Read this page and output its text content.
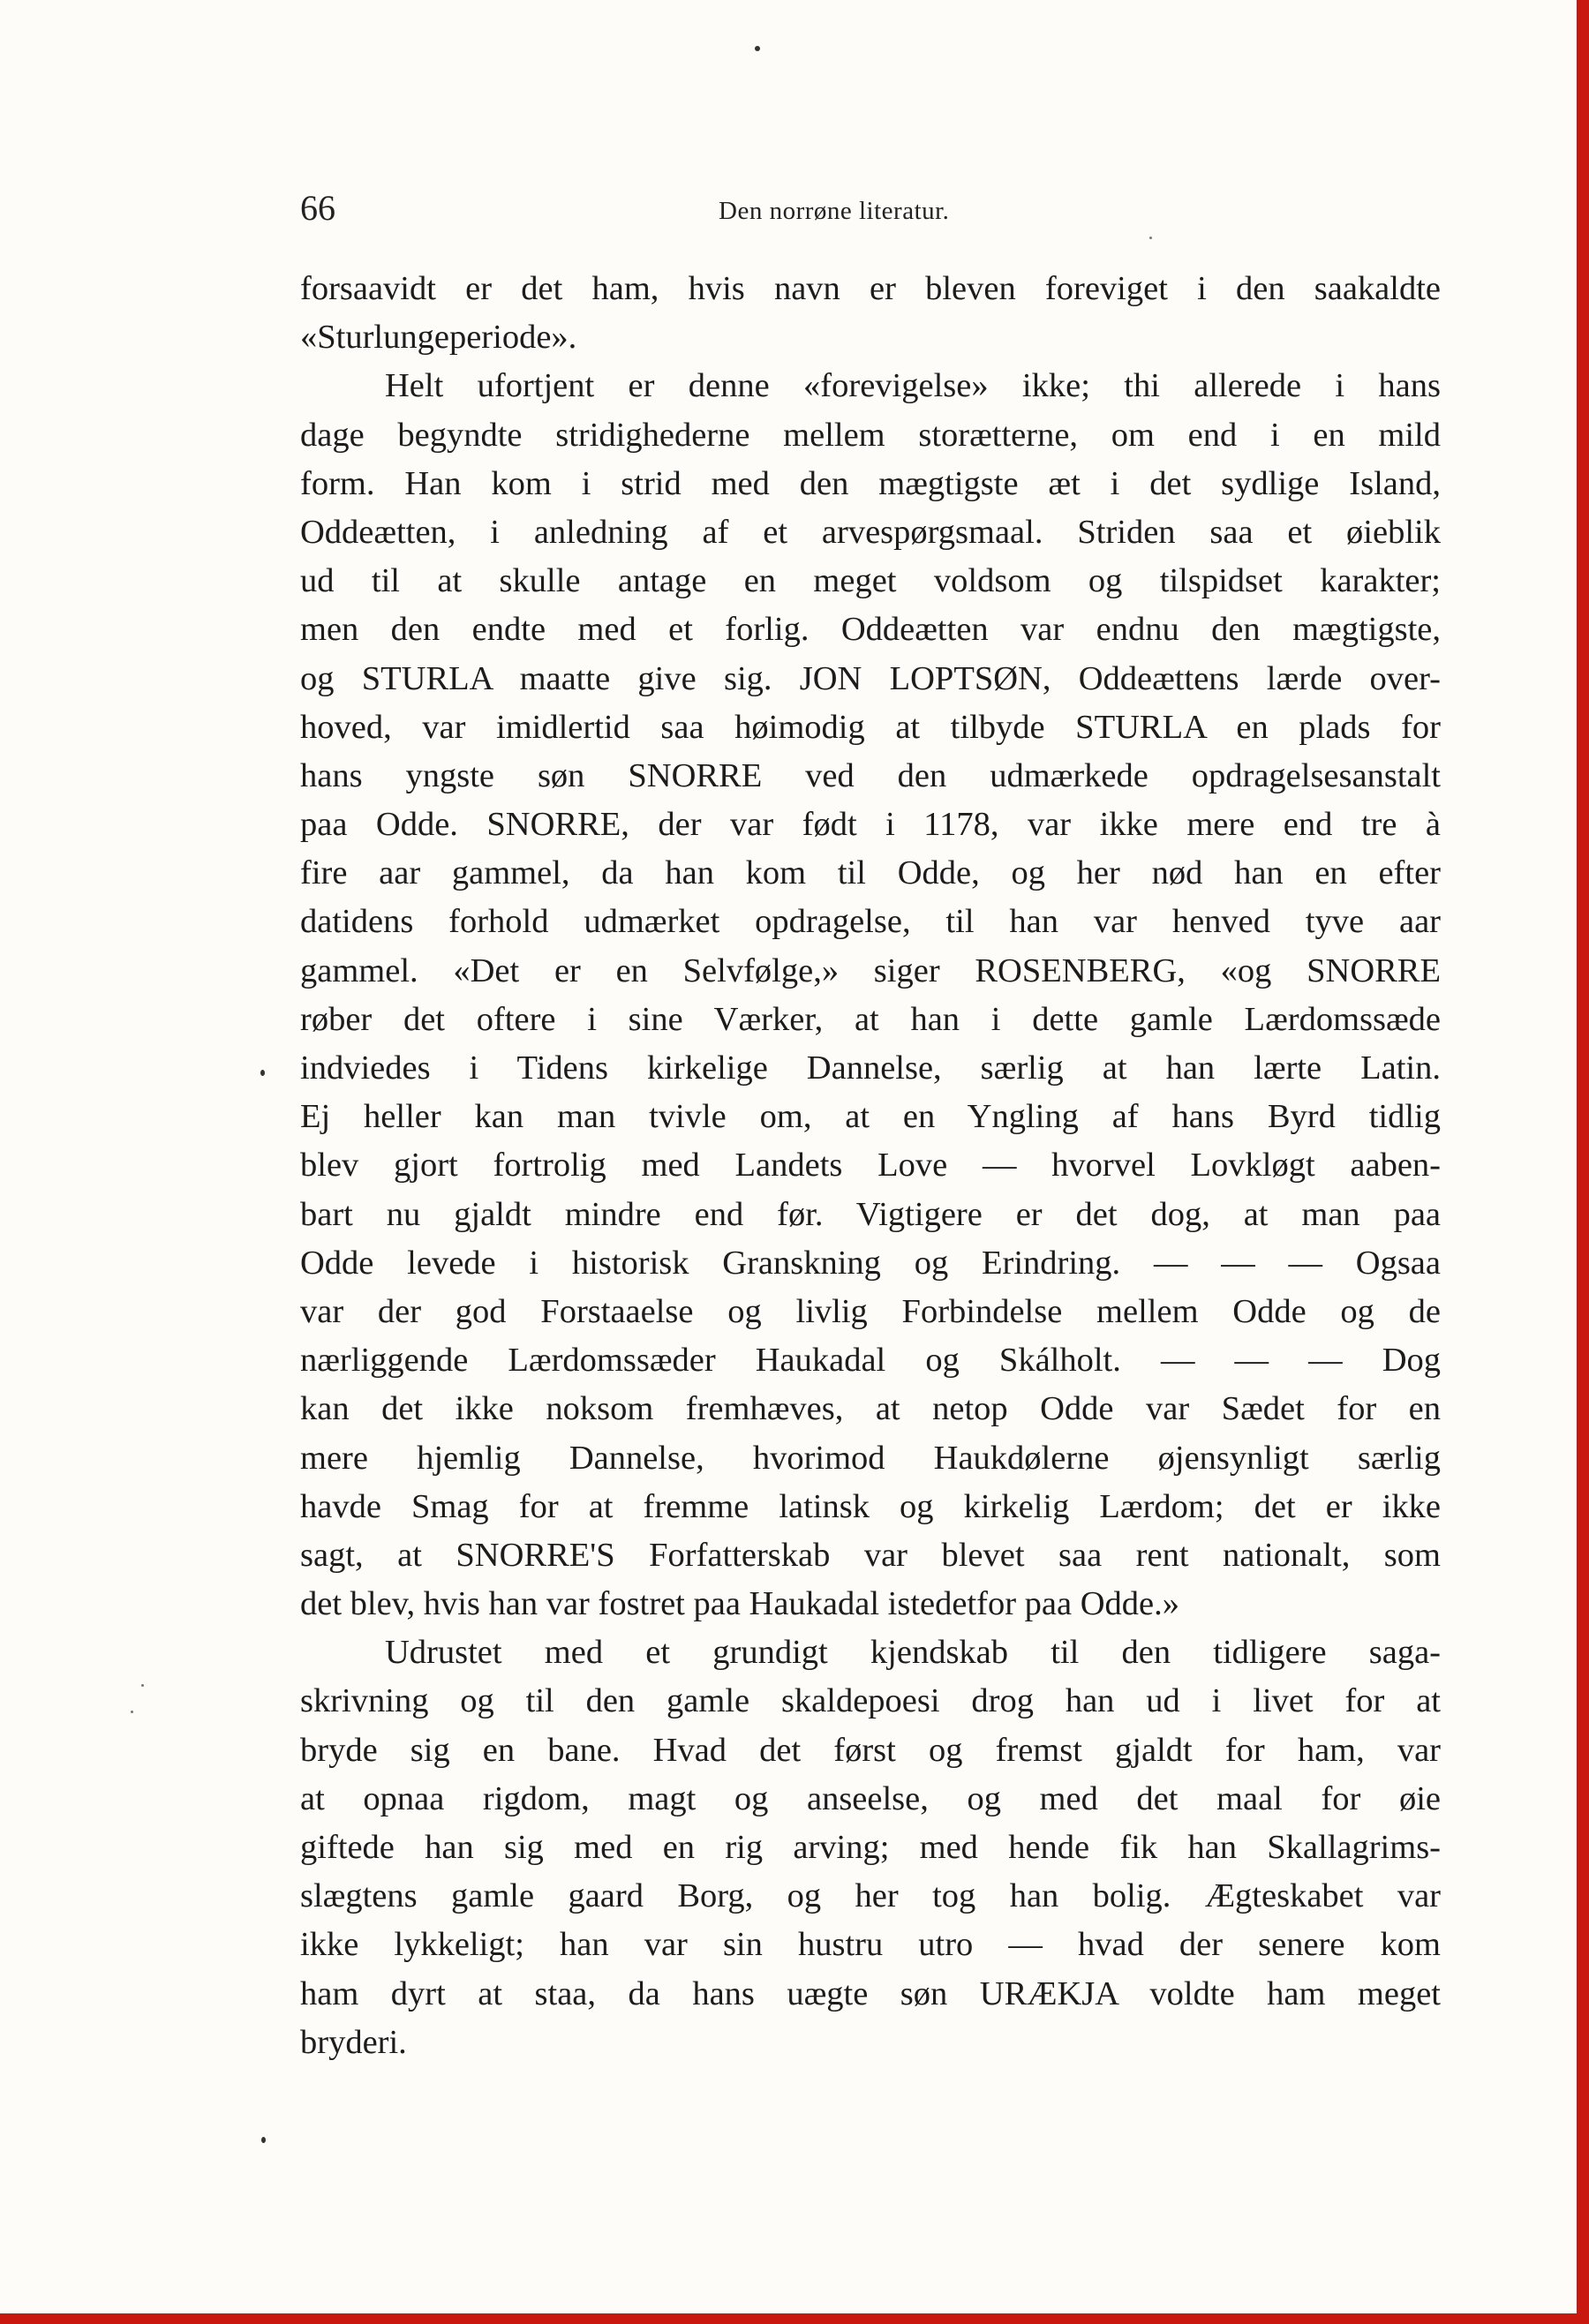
66	Den norrøne literatur.
forsaavidt er det ham, hvis navn er bleven foreviget i den saakaldte
«Sturlungeperiode».
Helt ufortjent er denne «forevigelse» ikke; thi allerede i hans
dage begyndte stridighederne mellem storætterne, om end i en mild
form. Han kom i strid med den mægtigste æt i det sydlige Island,
Oddeætten, i anledning af et arvespørgsmaal. Striden saa et øieblik
ud til at skulle antage en meget voldsom og tilspidset karakter;
men den endte med et forlig. Oddeætten var endnu den mægtigste,
og STURLA maatte give sig. JON LOPTSØN, Oddeættens lærde over-
hoved, var imidlertid saa høimodig at tilbyde STURLA en plads for
hans yngste søn SNORRE ved den udmærkede opdragelsesanstalt
paa Odde. SNORRE, der var født i 1178, var ikke mere end tre à
fire aar gammel, da han kom til Odde, og her nød han en efter
datidens forhold udmærket opdragelse, til han var henved tyve aar
gammel. «Det er en Selvfølge,» siger ROSENBERG, «og SNORRE
røber det oftere i sine Værker, at han i dette gamle Lærdomssæde
indviedes i Tidens kirkelige Dannelse, særlig at han lærte Latin.
Ej heller kan man tvivle om, at en Yngling af hans Byrd tidlig
blev gjort fortrolig med Landets Love — hvorvel Lovkløgt aaben-
bart nu gjaldt mindre end før. Vigtigere er det dog, at man paa
Odde levede i historisk Granskning og Erindring. — — — Ogsaa
var der god Forstaaelse og livlig Forbindelse mellem Odde og de
nærliggende Lærdomssæder Haukadal og Skálholt. — — — Dog
kan det ikke noksom fremhæves, at netop Odde var Sædet for en
mere hjemlig Dannelse, hvorimod Haukdølerne øjensynligt særlig
havde Smag for at fremme latinsk og kirkelig Lærdom; det er ikke
sagt, at SNORRE'S Forfatterskab var blevet saa rent nationalt, som
det blev, hvis han var fostret paa Haukadal istedetfor paa Odde.»
Udrustet med et grundigt kjendskab til den tidligere saga-
skrivning og til den gamle skaldepoesi drog han ud i livet for at
bryde sig en bane. Hvad det først og fremst gjaldt for ham, var
at opnaa rigdom, magt og anseelse, og med det maal for øie
giftede han sig med en rig arving; med hende fik han Skallagrims-
slægtens gamle gaard Borg, og her tog han bolig. Ægteskabet var
ikke lykkeligt; han var sin hustru utro — hvad der senere kom
ham dyrt at staa, da hans uægte søn URÆKJA voldte ham meget
bryderi.
